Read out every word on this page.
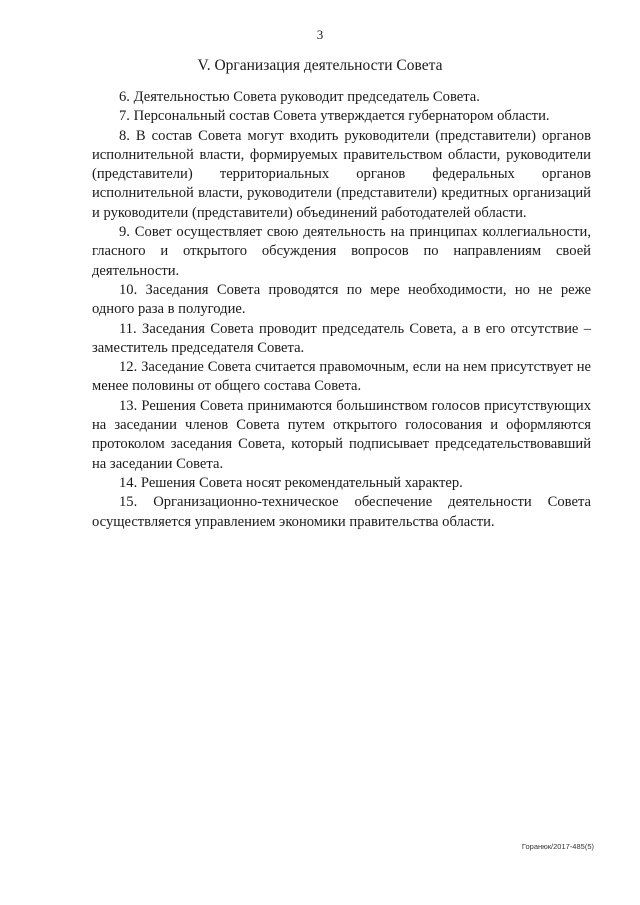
3
V. Организация деятельности Совета

6. Деятельностью Совета руководит председатель Совета.

7. Персональный состав Совета утверждается губернатором области.

8. В состав Совета могут входить руководители (представители) органов исполнительной власти, формируемых правительством области, руководители (представители) территориальных органов федеральных органов исполнительной власти, руководители (представители) кредитных организаций и руководители (представители) объединений работодателей области.

9. Совет осуществляет свою деятельность на принципах коллегиальности, гласного и открытого обсуждения вопросов по направлениям своей деятельности.

10. Заседания Совета проводятся по мере необходимости, но не реже одного раза в полугодие.

11. Заседания Совета проводит председатель Совета, а в его отсутствие – заместитель председателя Совета.

12. Заседание Совета считается правомочным, если на нем присутствует не менее половины от общего состава Совета.

13. Решения Совета принимаются большинством голосов присутствующих на заседании членов Совета путем открытого голосования и оформляются протоколом заседания Совета, который подписывает председательствовавший на заседании Совета.

14. Решения Совета носят рекомендательный характер.

15. Организационно-техническое обеспечение деятельности Совета осуществляется управлением экономики правительства области.

Горанюк/2017-485(5)
